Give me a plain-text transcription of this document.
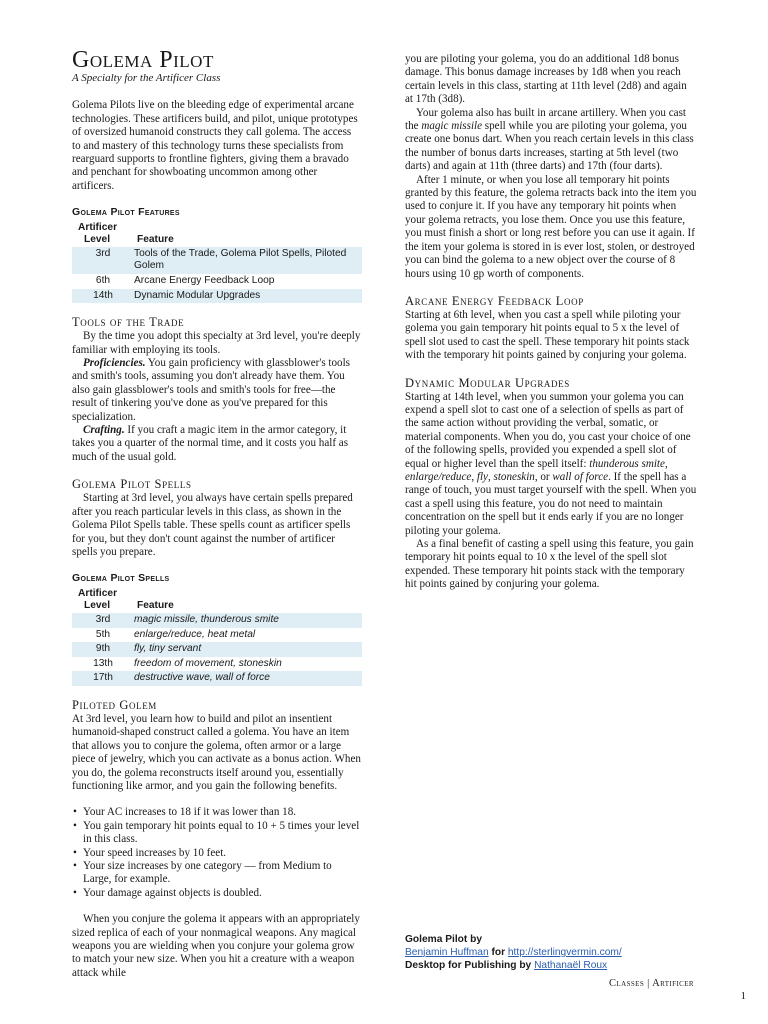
Golema Pilot

A Specialty for the Artificer Class

Golema Pilots live on the bleeding edge of experimental arcane technologies. These artificers build, and pilot, unique prototypes of oversized humanoid constructs they call golema. The access to and mastery of this technology turns these specialists from rearguard supports to frontline fighters, giving them a bravado and penchant for showboating uncommon among other artificers.

Golema Pilot Features
Artificer	
Level	Feature
3rd	Tools of the Trade, Golema Pilot Spells, Piloted Golem
6th	Arcane Energy Feedback Loop
14th	Dynamic Modular Upgrades
Tools of the Trade

By the time you adopt this specialty at 3rd level, you're deeply familiar with employing its tools.

Proficiencies. You gain proficiency with glassblower's tools and smith's tools, assuming you don't already have them. You also gain glassblower's tools and smith's tools for free—the result of tinkering you've done as you've prepared for this specialization.

Crafting. If you craft a magic item in the armor category, it takes you a quarter of the normal time, and it costs you half as much of the usual gold.

Golema Pilot Spells

Starting at 3rd level, you always have certain spells prepared after you reach particular levels in this class, as shown in the Golema Pilot Spells table. These spells count as artificer spells for you, but they don't count against the number of artificer spells you prepare.

Golema Pilot Spells
Artificer	
Level	Feature
3rd	magic missile, thunderous smite
5th	enlarge/reduce, heat metal
9th	fly, tiny servant
13th	freedom of movement, stoneskin
17th	destructive wave, wall of force
Piloted Golem

At 3rd level, you learn how to build and pilot an insentient humanoid-shaped construct called a golema. You have an item that allows you to conjure the golema, often armor or a large piece of jewelry, which you can activate as a bonus action. When you do, the golema reconstructs itself around you, essentially functioning like armor, and you gain the following benefits.

• Your AC increases to 18 if it was lower than 18.
• You gain temporary hit points equal to 10 + 5 times your level in this class.
• Your speed increases by 10 feet.
• Your size increases by one category — from Medium to Large, for example.
• Your damage against objects is doubled.

When you conjure the golema it appears with an appropriately sized replica of each of your nonmagical weapons. Any magical weapons you are wielding when you conjure your golema grow to match your new size. When you hit a creature with a weapon attack while

you are piloting your golema, you do an additional 1d8 bonus damage. This bonus damage increases by 1d8 when you reach certain levels in this class, starting at 11th level (2d8) and again at 17th (3d8).

Your golema also has built in arcane artillery. When you cast the magic missile spell while you are piloting your golema, you create one bonus dart. When you reach certain levels in this class the number of bonus darts increases, starting at 5th level (two darts) and again at 11th (three darts) and 17th (four darts).

After 1 minute, or when you lose all temporary hit points granted by this feature, the golema retracts back into the item you used to conjure it. If you have any temporary hit points when your golema retracts, you lose them. Once you use this feature, you must finish a short or long rest before you can use it again. If the item your golema is stored in is ever lost, stolen, or destroyed you can bind the golema to a new object over the course of 8 hours using 10 gp worth of components.

Arcane Energy Feedback Loop

Starting at 6th level, when you cast a spell while piloting your golema you gain temporary hit points equal to 5 x the level of spell slot used to cast the spell. These temporary hit points stack with the temporary hit points gained by conjuring your golema.

Dynamic Modular Upgrades

Starting at 14th level, when you summon your golema you can expend a spell slot to cast one of a selection of spells as part of the same action without providing the verbal, somatic, or material components. When you do, you cast your choice of one of the following spells, provided you expended a spell slot of equal or higher level than the spell itself: thunderous smite, enlarge/reduce, fly, stoneskin, or wall of force. If the spell has a range of touch, you must target yourself with the spell. When you cast a spell using this feature, you do not need to maintain concentration on the spell but it ends early if you are no longer piloting your golema.

As a final benefit of casting a spell using this feature, you gain temporary hit points equal to 10 x the level of the spell slot expended. These temporary hit points stack with the temporary hit points gained by conjuring your golema.

Golema Pilot by
Benjamin Huffman for http://sterlingvermin.com/
Desktop for Publishing by Nathanaël Roux
Classes | Artificer
1
